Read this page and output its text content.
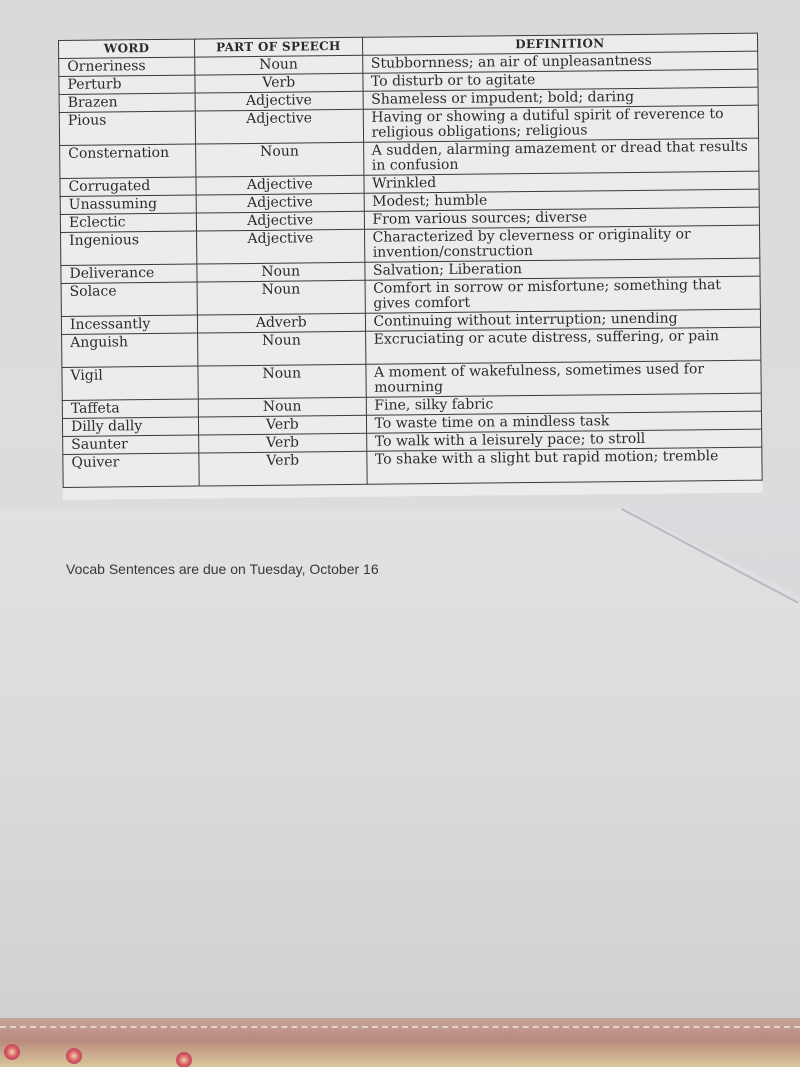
WORD	PART OF SPEECH	DEFINITION
Orneriness	Noun	Stubbornness; an air of unpleasantness
Perturb	Verb	To disturb or to agitate
Brazen	Adjective	Shameless or impudent; bold; daring
Pious	Adjective	Having or showing a dutiful spirit of reverence to religious obligations; religious
Consternation	Noun	A sudden, alarming amazement or dread that results in confusion
Corrugated	Adjective	Wrinkled
Unassuming	Adjective	Modest; humble
Eclectic	Adjective	From various sources; diverse
Ingenious	Adjective	Characterized by cleverness or originality or invention/construction
Deliverance	Noun	Salvation; Liberation
Solace	Noun	Comfort in sorrow or misfortune; something that gives comfort
Incessantly	Adverb	Continuing without interruption; unending
Anguish	Noun	Excruciating or acute distress, suffering, or pain
Vigil	Noun	A moment of wakefulness, sometimes used for mourning
Taffeta	Noun	Fine, silky fabric
Dilly dally	Verb	To waste time on a mindless task
Saunter	Verb	To walk with a leisurely pace; to stroll
Quiver	Verb	To shake with a slight but rapid motion; tremble
Vocab Sentences are due on Tuesday, October 16
